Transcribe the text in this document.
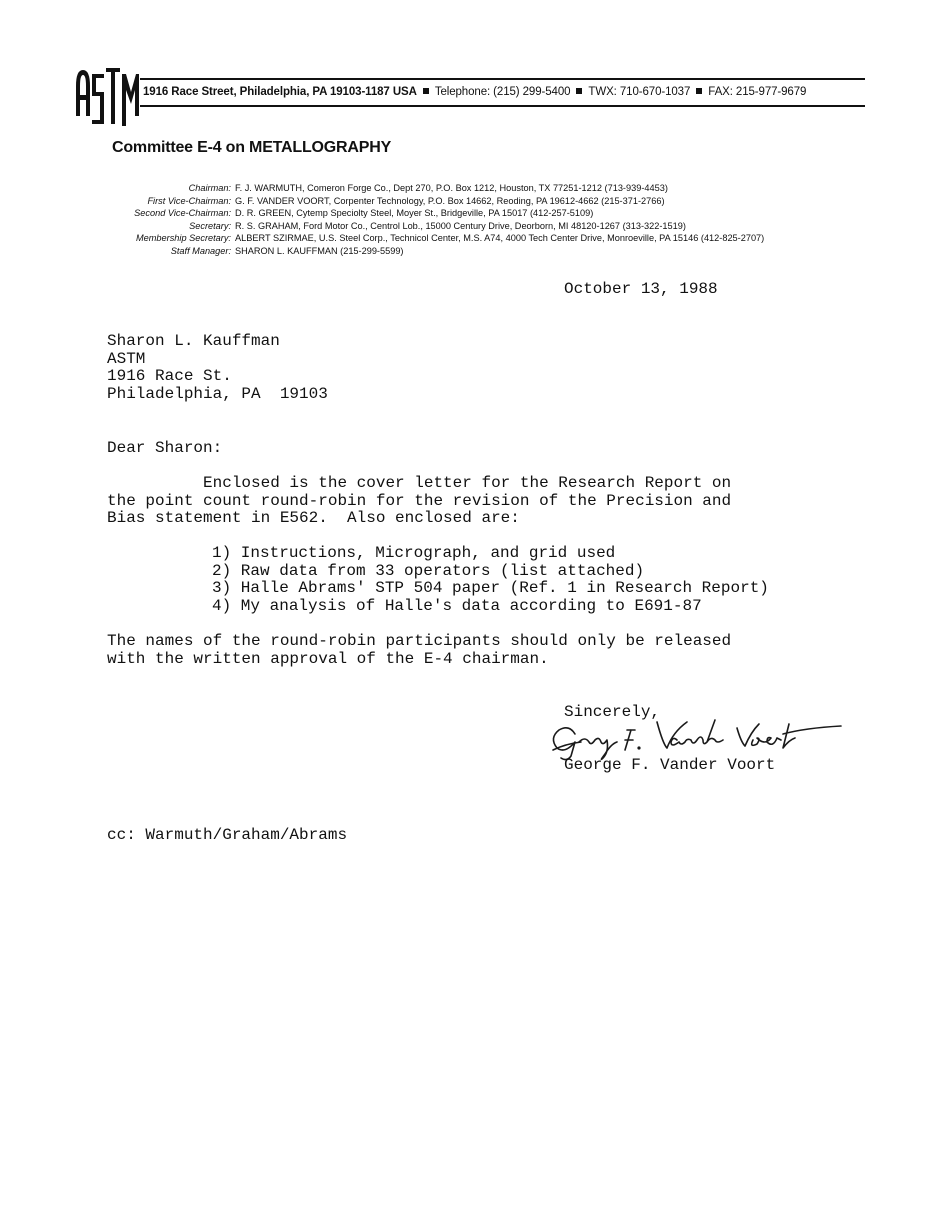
1916 Race Street, Philadelphia, PA 19103-1187 USA Telephone: (215) 299-5400 TWX: 710-670-1037 FAX: 215-977-9679
Committee E-4 on METALLOGRAPHY
Chairman: F. J. WARMUTH, Comeron Forge Co., Dept 270, P.O. Box 1212, Houston, TX 77251-1212 (713-939-4453)
First Vice-Chairman: G. F. VANDER VOORT, Corpenter Technology, P.O. Box 14662, Reoding, PA 19612-4662 (215-371-2766)
Second Vice-Chairman: D. R. GREEN, Cytemp Speciolty Steel, Moyer St., Bridgeville, PA 15017 (412-257-5109)
Secretary: R. S. GRAHAM, Ford Motor Co., Centrol Lob., 15000 Century Drive, Deorborn, MI 48120-1267 (313-322-1519)
Membership Secretary: ALBERT SZIRMAE, U.S. Steel Corp., Technicol Center, M.S. A74, 4000 Tech Center Drive, Monroeville, PA 15146 (412-825-2707)
Staff Manager: SHARON L. KAUFFMAN (215-299-5599)
October 13, 1988
Sharon L. Kauffman
ASTM
1916 Race St.
Philadelphia, PA  19103
Dear Sharon:
Enclosed is the cover letter for the Research Report on
the point count round-robin for the revision of the Precision and
Bias statement in E562.  Also enclosed are:
1) Instructions, Micrograph, and grid used
2) Raw data from 33 operators (list attached)
3) Halle Abrams' STP 504 paper (Ref. 1 in Research Report)
4) My analysis of Halle's data according to E691-87
The names of the round-robin participants should only be released
with the written approval of the E-4 chairman.
Sincerely,
George F. Vander Voort
cc: Warmuth/Graham/Abrams
